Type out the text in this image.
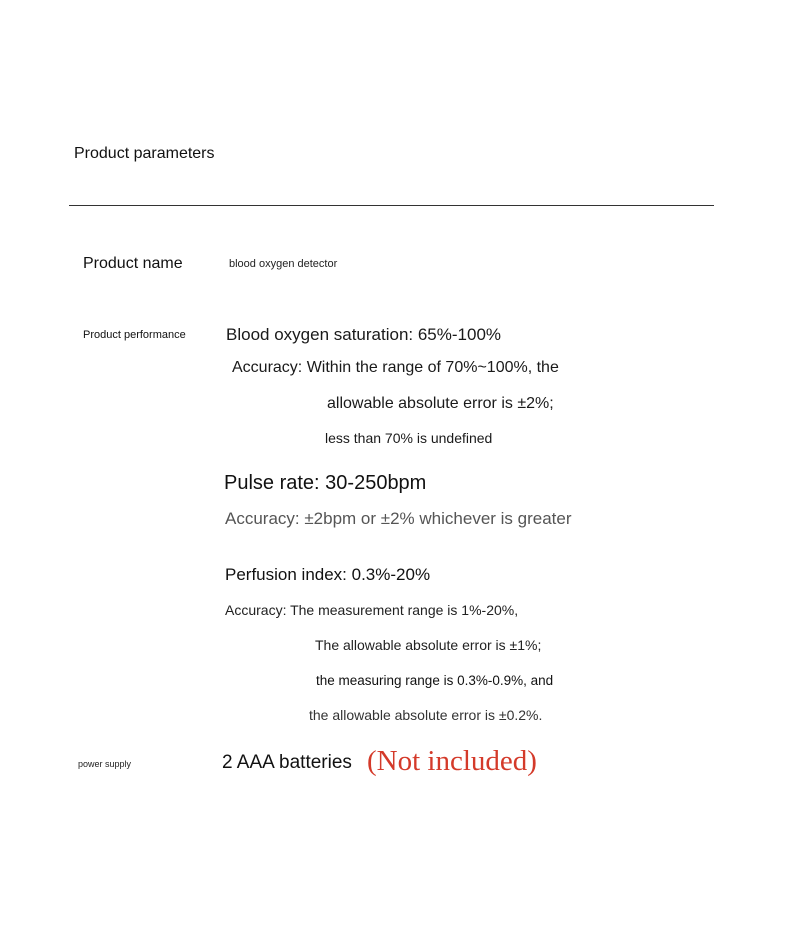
Product parameters
Product name	blood oxygen detector
Product performance Blood oxygen saturation: 65%-100%
Accuracy: Within the range of 70%~100%, the
allowable absolute error is ±2%;
less than 70% is undefined
Pulse rate: 30-250bpm
Accuracy: ±2bpm or ±2% whichever is greater
Perfusion index: 0.3%-20%
Accuracy: The measurement range is 1%-20%,
The allowable absolute error is ±1%;
the measuring range is 0.3%-0.9%, and
the allowable absolute error is ±0.2%.
power supply	2 AAA batteries (Not included)
